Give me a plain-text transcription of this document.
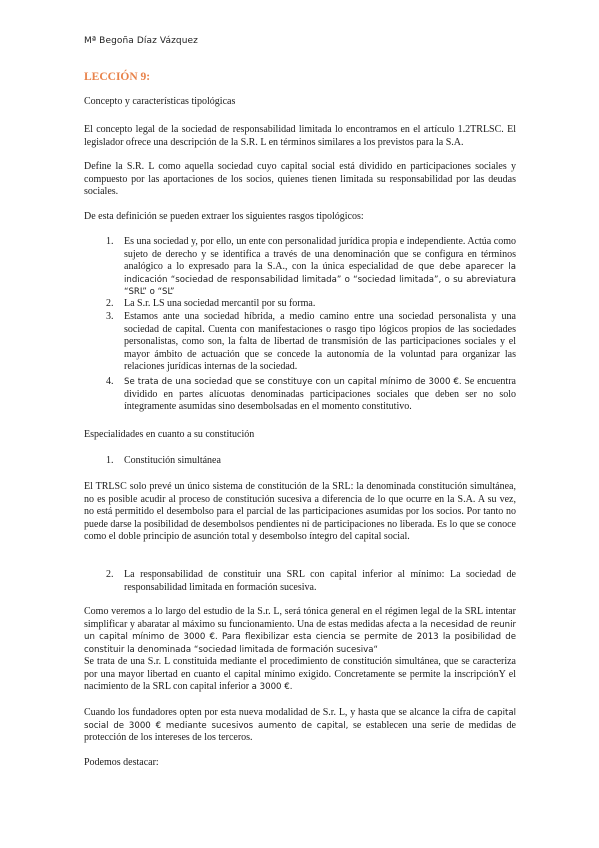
Mª Begoña Díaz Vázquez
LECCIÓN 9:

Concepto y características tipológicas

El concepto legal de la sociedad de responsabilidad limitada lo encontramos en el artículo 1.2TRLSC. El legislador ofrece una descripción de la S.R. L en términos similares a los previstos para la S.A.

Define la S.R. L como aquella sociedad cuyo capital social está dividido en participaciones sociales y compuesto por las aportaciones de los socios, quienes tienen limitada su responsabilidad por las deudas sociales.

De esta definición se pueden extraer los siguientes rasgos tipológicos:

1.	Es una sociedad y, por ello, un ente con personalidad jurídica propia e independiente. Actúa como sujeto de derecho y se identifica a través de una denominación que se configura en términos analógico a lo expresado para la S.A., con la única especialidad de que debe aparecer la indicación “sociedad de responsabilidad limitada” o “sociedad limitada”, o su abreviatura “SRL” o “SL”
2.	La S.r. LS una sociedad mercantil por su forma.
3.	Estamos ante una sociedad híbrida, a medio camino entre una sociedad personalista y una sociedad de capital. Cuenta con manifestaciones o rasgo tipo lógicos propios de las sociedades personalistas, como son, la falta de libertad de transmisión de las participaciones sociales y el mayor ámbito de actuación que se concede la autonomía de la voluntad para organizar las relaciones jurídicas internas de la sociedad.
4.	Se trata de una sociedad que se constituye con un capital mínimo de 3000 €. Se encuentra dividido en partes alícuotas denominadas participaciones sociales que deben ser no solo íntegramente asumidas sino desembolsadas en el momento constitutivo.

Especialidades en cuanto a su constitución

1. Constitución simultánea

El TRLSC solo prevé un único sistema de constitución de la SRL: la denominada constitución simultánea, no es posible acudir al proceso de constitución sucesiva a diferencia de lo que ocurre en la S.A. A su vez, no está permitido el desembolso para el parcial de las participaciones asumidas por los socios. Por tanto no puede darse la posibilidad de desembolsos pendientes ni de participaciones no liberada. Es lo que se conoce como el doble principio de asunción total y desembolso íntegro del capital social.

2.	La responsabilidad de constituir una SRL con capital inferior al mínimo: La sociedad de responsabilidad limitada en formación sucesiva.

Como veremos a lo largo del estudio de la S.r. L, será tónica general en el régimen legal de la SRL intentar simplificar y abaratar al máximo su funcionamiento. Una de estas medidas afecta a la necesidad de reunir un capital mínimo de 3000 €. Para flexibilizar esta ciencia se permite de 2013 la posibilidad de constituir la denominada “sociedad limitada de formación sucesiva“

Se trata de una S.r. L constituida mediante el procedimiento de constitución simultánea, que se caracteriza por una mayor libertad en cuanto el capital mínimo exigido. Concretamente se permite la inscripciónY el nacimiento de la SRL con capital inferior a 3000 €.

Cuando los fundadores opten por esta nueva modalidad de S.r. L, y hasta que se alcance la cifra de capital social de 3000 € mediante sucesivos aumento de capital, se establecen una serie de medidas de protección de los intereses de los terceros.

Podemos destacar:
